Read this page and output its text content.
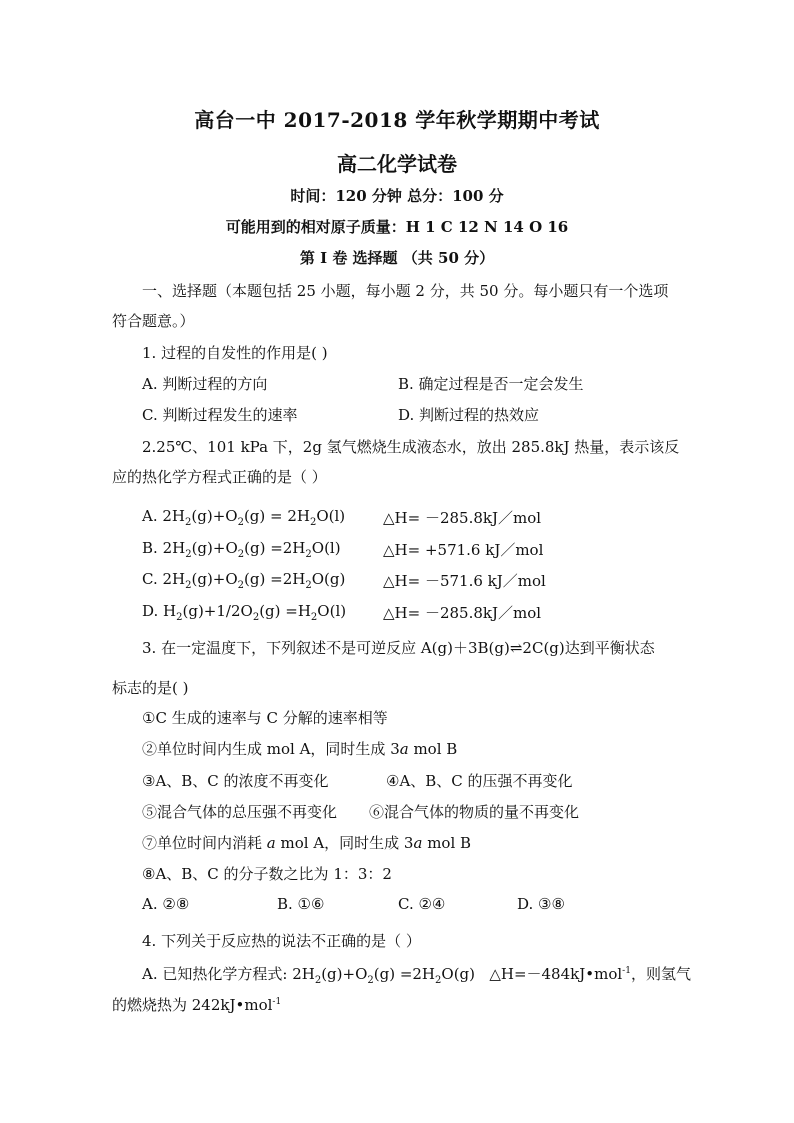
高台一中 2017-2018 学年秋学期期中考试
高二化学试卷
时间：120 分钟 总分：100 分
可能用到的相对原子质量：H 1 C 12 N 14 O 16
第 I 卷 选择题 （共 50 分）
一、选择题（本题包括 25 小题，每小题 2 分，共 50 分。每小题只有一个选项
符合题意。）
1. 过程的自发性的作用是( )
A. 判断过程的方向	B. 确定过程是否一定会发生
C. 判断过程发生的速率	D. 判断过程的热效应
2.25℃、101 kPa 下，2g 氢气燃烧生成液态水，放出 285.8kJ 热量，表示该反
应的热化学方程式正确的是（ ）
A. $2H_2(g)+O_2(g) = 2H_2O(l)$	△H= －285.8kJ／mol
B. $2H_2(g)+O_2(g) =2H_2O(l)$	△H= +571.6 kJ／mol
C. $2H_2(g)+O_2(g) =2H_2O(g)$	△H= －571.6 kJ／mol
D. $H_2(g)+1/2O_2(g) =H_2O(l)$ △H= －285.8kJ／mol
3. 在一定温度下，下列叙述不是可逆反应 A(g)＋3B(g)⇌2C(g)达到平衡状态
标志的是( )
①C 生成的速率与 C 分解的速率相等
②单位时间内生成 mol A，同时生成 3a mol B
③A、B、C 的浓度不再变化	④A、B、C 的压强不再变化
⑤混合气体的总压强不再变化 ⑥混合气体的物质的量不再变化
⑦单位时间内消耗 a mol A，同时生成 3a mol B
⑧A、B、C 的分子数之比为 1：3：2
A. ②⑧	B. ①⑥	C. ②④	D. ③⑧
4. 下列关于反应热的说法不正确的是（ ）
A. 已知热化学方程式: $2H_2(g)+O_2(g) =2H_2O(g)$   △H=－484kJ•mol$^{-1}$，则氢气
的燃烧热为 242kJ•mol$^{-1}$
